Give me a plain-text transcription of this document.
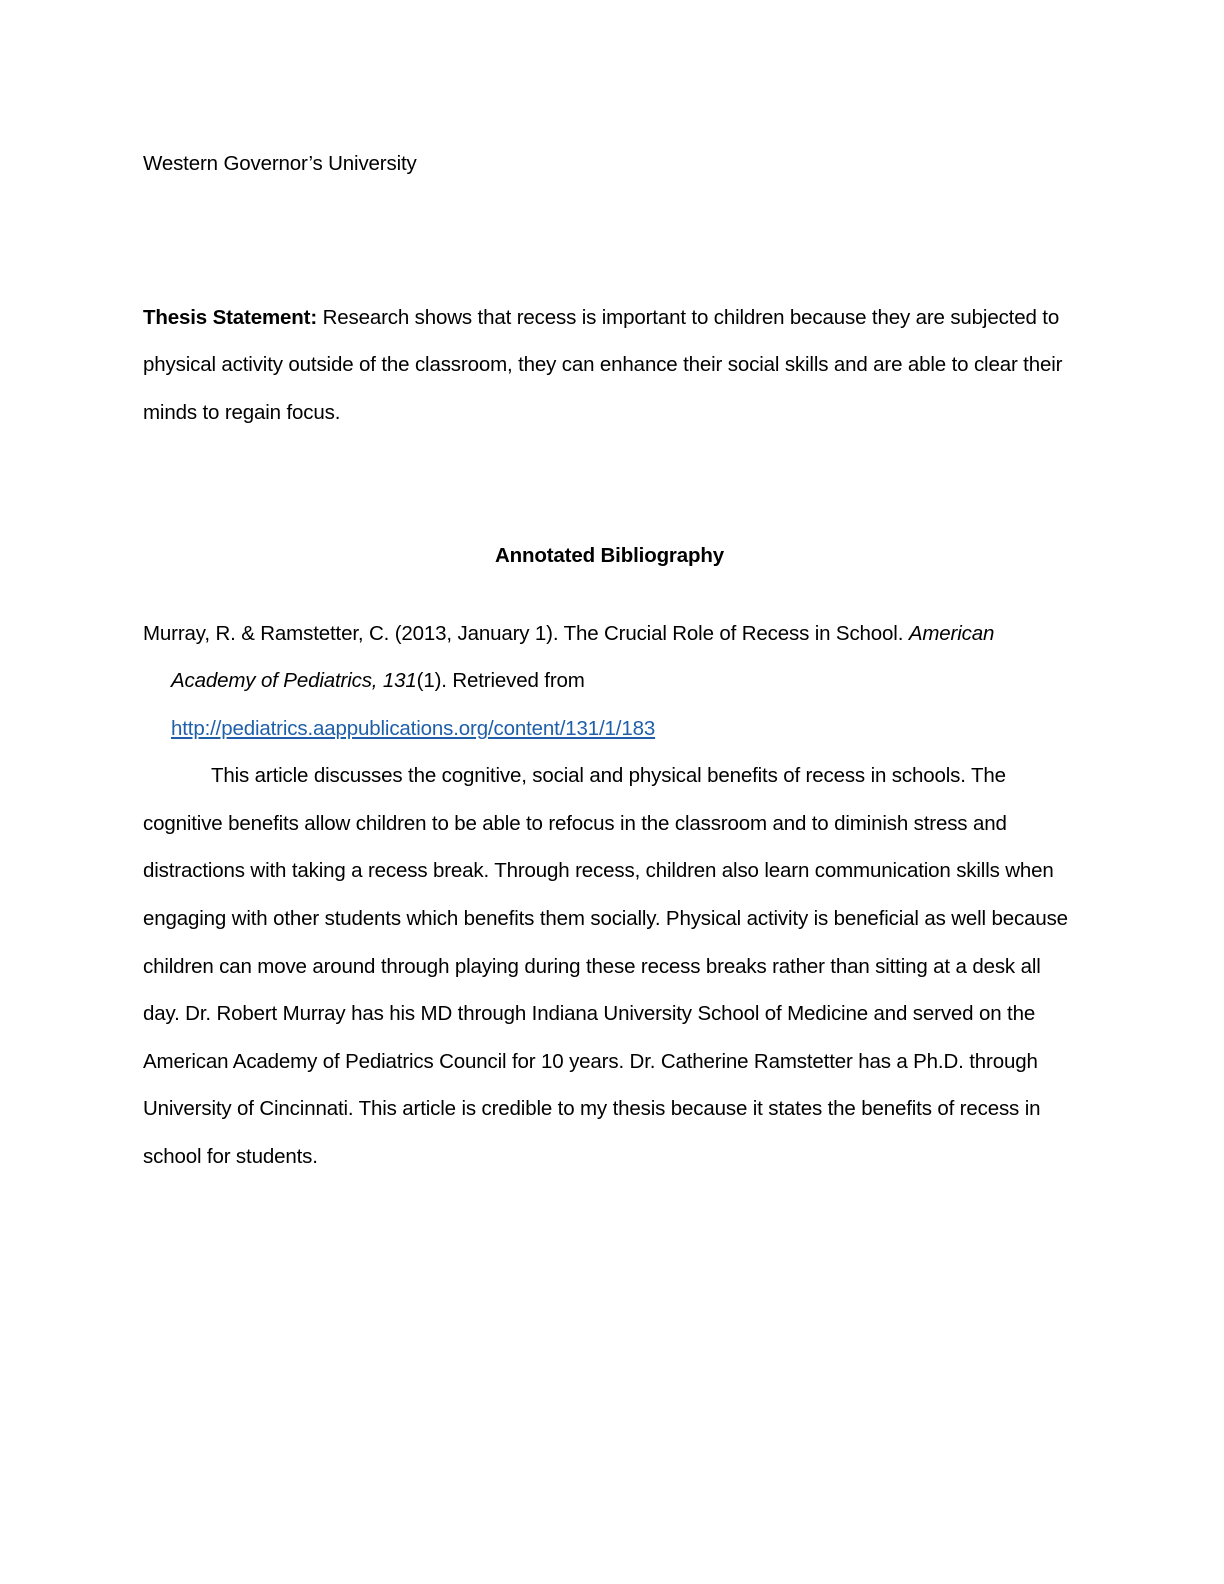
Western Governor’s University
Thesis Statement: Research shows that recess is important to children because they are subjected to physical activity outside of the classroom, they can enhance their social skills and are able to clear their minds to regain focus.
Annotated Bibliography
Murray, R. & Ramstetter, C. (2013, January 1). The Crucial Role of Recess in School. American
Academy of Pediatrics, 131(1). Retrieved from
http://pediatrics.aappublications.org/content/131/1/183
This article discusses the cognitive, social and physical benefits of recess in schools. The cognitive benefits allow children to be able to refocus in the classroom and to diminish stress and distractions with taking a recess break. Through recess, children also learn communication skills when engaging with other students which benefits them socially. Physical activity is beneficial as well because children can move around through playing during these recess breaks rather than sitting at a desk all day. Dr. Robert Murray has his MD through Indiana University School of Medicine and served on the American Academy of Pediatrics Council for 10 years. Dr. Catherine Ramstetter has a Ph.D. through University of Cincinnati. This article is credible to my thesis because it states the benefits of recess in school for students.
